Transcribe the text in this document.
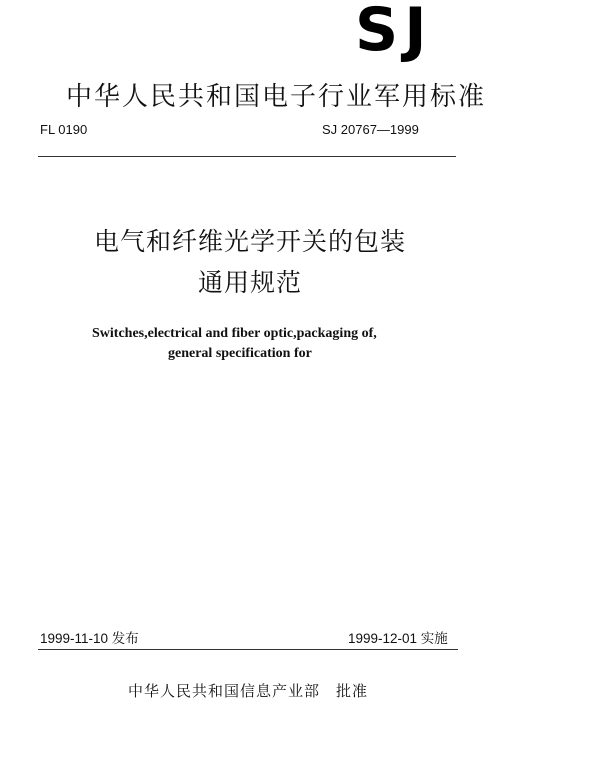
SJ
中华人民共和国电子行业军用标准
FL 0190	SJ 20767—1999
电气和纤维光学开关的包装
通用规范
Switches,electrical and fiber optic,packaging of,
general specification for
1999-11-10 发布	1999-12-01 实施
中华人民共和国信息产业部　批准
